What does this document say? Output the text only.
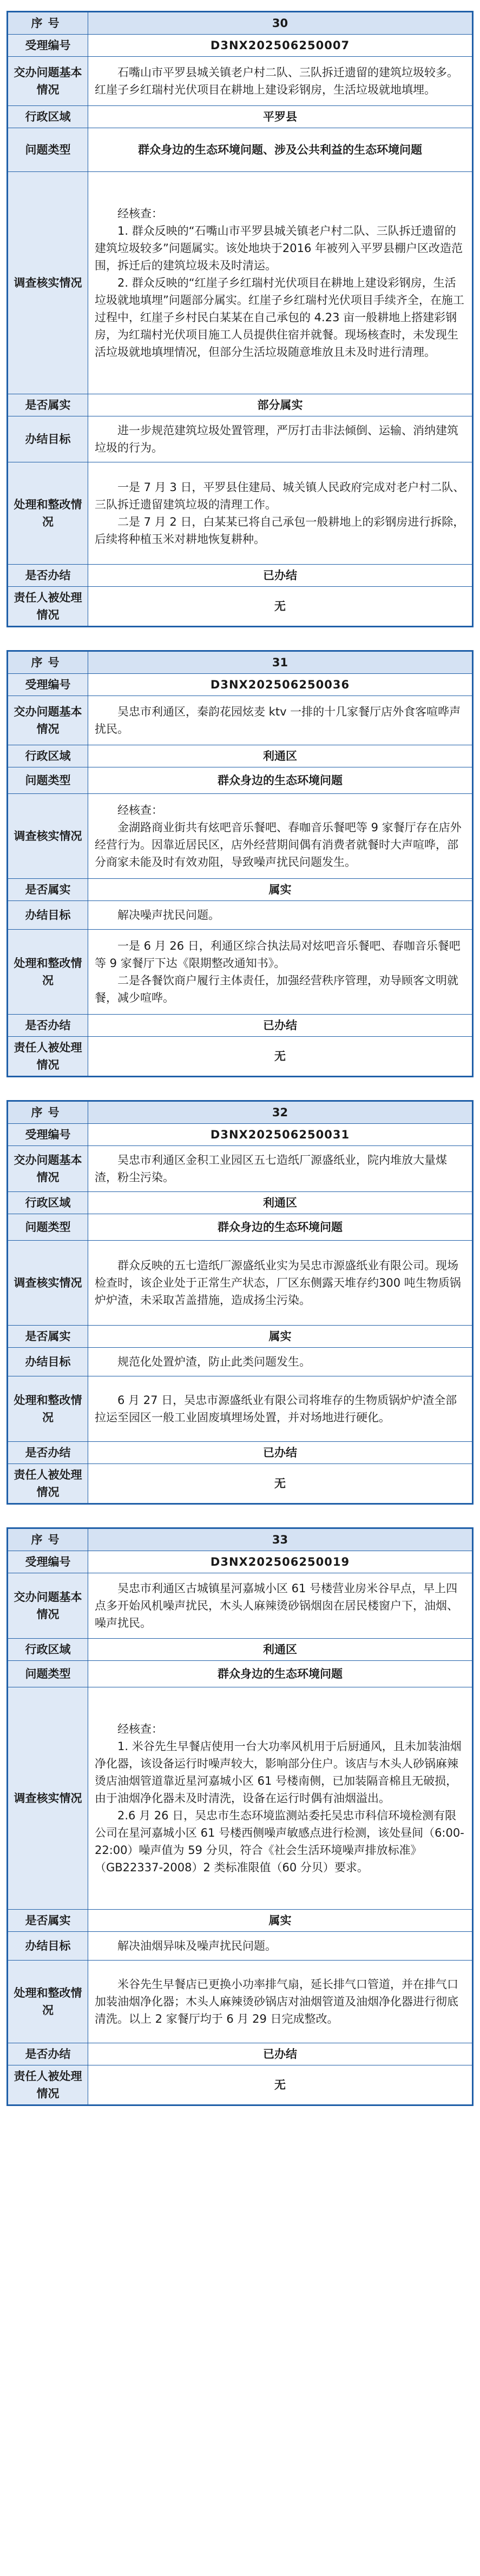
序号	30
受理编号	D3NX202506250007
交办问题基本情况	石嘴山市平罗县城关镇老户村二队、三队拆迁遗留的建筑垃圾较多。红崖子乡红瑞村光伏项目在耕地上建设彩钢房，生活垃圾就地填埋。

行政区域	平罗县
问题类型	群众身边的生态环境问题、涉及公共利益的生态环境问题
调查核实情况	经核查：

1. 群众反映的“石嘴山市平罗县城关镇老户村二队、三队拆迁遗留的建筑垃圾较多”问题属实。该处地块于2016 年被列入平罗县棚户区改造范围，拆迁后的建筑垃圾未及时清运。

2. 群众反映的“红崖子乡红瑞村光伏项目在耕地上建设彩钢房，生活垃圾就地填埋”问题部分属实。红崖子乡红瑞村光伏项目手续齐全，在施工过程中，红崖子乡村民白某某在自己承包的 4.23 亩一般耕地上搭建彩钢房，为红瑞村光伏项目施工人员提供住宿并就餐。现场核查时，未发现生活垃圾就地填埋情况，但部分生活垃圾随意堆放且未及时进行清理。

是否属实	部分属实
办结目标	进一步规范建筑垃圾处置管理，严厉打击非法倾倒、运输、消纳建筑垃圾的行为。

处理和整改情况	一是 7 月 3 日，平罗县住建局、城关镇人民政府完成对老户村二队、三队拆迁遗留建筑垃圾的清理工作。

二是 7 月 2 日，白某某已将自己承包一般耕地上的彩钢房进行拆除，后续将种植玉米对耕地恢复耕种。

是否办结	已办结
责任人被处理情况	无
序号	31
受理编号	D3NX202506250036
交办问题基本情况	吴忠市利通区，秦韵花园炫麦 ktv 一排的十几家餐厅店外食客喧哗声扰民。

行政区域	利通区
问题类型	群众身边的生态环境问题
调查核实情况	经核查：

金湖路商业街共有炫吧音乐餐吧、春咖音乐餐吧等 9 家餐厅存在店外经营行为。因靠近居民区，店外经营期间偶有消费者就餐时大声喧哗，部分商家未能及时有效劝阻，导致噪声扰民问题发生。

是否属实	属实
办结目标	解决噪声扰民问题。

处理和整改情况	一是 6 月 26 日，利通区综合执法局对炫吧音乐餐吧、春咖音乐餐吧等 9 家餐厅下达《限期整改通知书》。

二是各餐饮商户履行主体责任，加强经营秩序管理，劝导顾客文明就餐，减少喧哗。

是否办结	已办结
责任人被处理情况	无
序号	32
受理编号	D3NX202506250031
交办问题基本情况	吴忠市利通区金积工业园区五七造纸厂源盛纸业，院内堆放大量煤渣，粉尘污染。

行政区域	利通区
问题类型	群众身边的生态环境问题
调查核实情况	群众反映的五七造纸厂源盛纸业实为吴忠市源盛纸业有限公司。现场检查时，该企业处于正常生产状态，厂区东侧露天堆存约300 吨生物质锅炉炉渣，未采取苫盖措施，造成扬尘污染。

是否属实	属实
办结目标	规范化处置炉渣，防止此类问题发生。

处理和整改情况	6 月 27 日，吴忠市源盛纸业有限公司将堆存的生物质锅炉炉渣全部拉运至园区一般工业固废填埋场处置，并对场地进行硬化。

是否办结	已办结
责任人被处理情况	无
序号	33
受理编号	D3NX202506250019
交办问题基本情况	吴忠市利通区古城镇星河嘉城小区 61 号楼营业房米谷早点，早上四点多开始风机噪声扰民，木头人麻辣烫砂锅烟囱在居民楼窗户下，油烟、噪声扰民。

行政区域	利通区
问题类型	群众身边的生态环境问题
调查核实情况	经核查：

1. 米谷先生早餐店使用一台大功率风机用于后厨通风，且未加装油烟净化器，该设备运行时噪声较大，影响部分住户。该店与木头人砂锅麻辣烫店油烟管道靠近星河嘉城小区 61 号楼南侧，已加装隔音棉且无破损，由于油烟净化器未及时清洗，设备在运行时偶有油烟溢出。

2.6 月 26 日，吴忠市生态环境监测站委托吴忠市科信环境检测有限公司在星河嘉城小区 61 号楼西侧噪声敏感点进行检测，该处昼间（6:00-22:00）噪声值为 59 分贝，符合《社会生活环境噪声排放标准》（GB22337-2008）2 类标准限值（60 分贝）要求。

是否属实	属实
办结目标	解决油烟异味及噪声扰民问题。

处理和整改情况	米谷先生早餐店已更换小功率排气扇，延长排气口管道，并在排气口加装油烟净化器；木头人麻辣烫砂锅店对油烟管道及油烟净化器进行彻底清洗。以上 2 家餐厅均于 6 月 29 日完成整改。

是否办结	已办结
责任人被处理情况	无
